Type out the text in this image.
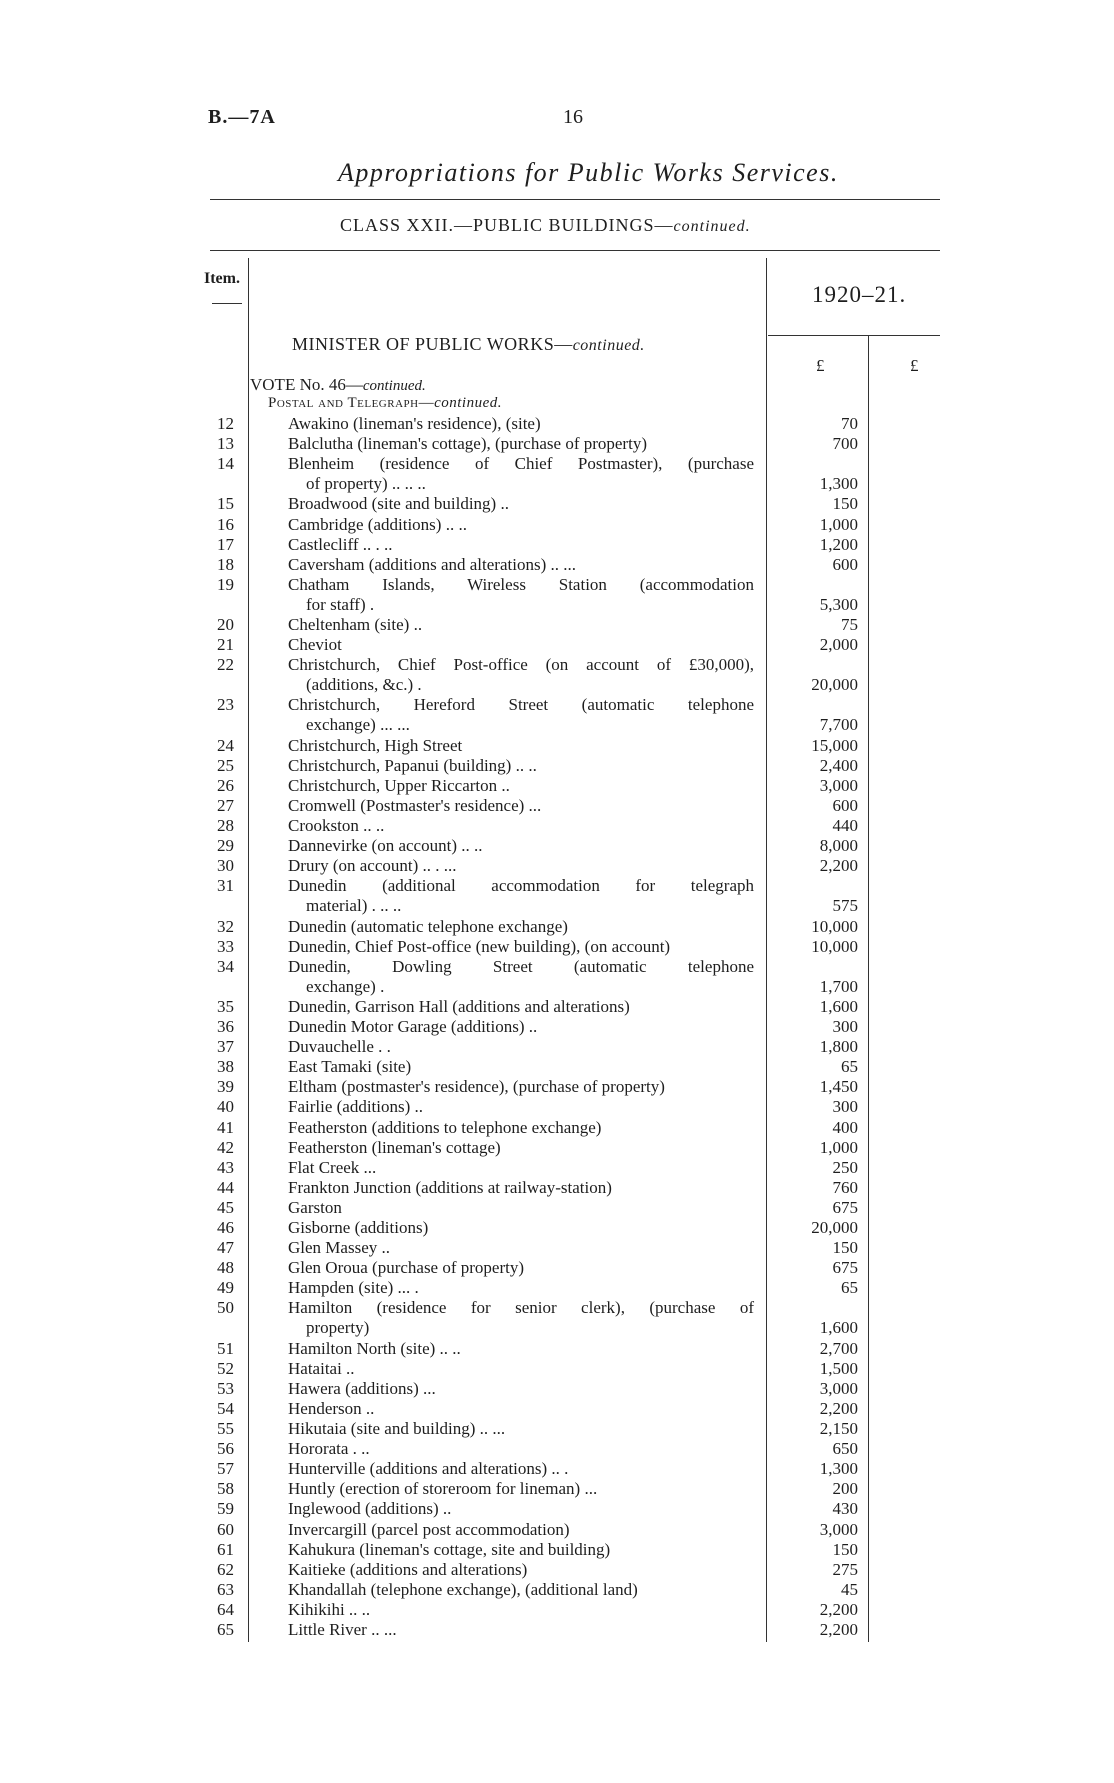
B.—7A	16
Appropriations for Public Works Services.
CLASS XXII.—PUBLIC BUILDINGS—continued.
Item.
1920–21.
MINISTER OF PUBLIC WORKS—continued.
£	£
VOTE No. 46—continued.
Postal and Telegraph—continued.
12	Awakino (lineman's residence), (site)	70
13	Balclutha (lineman's cottage), (purchase of property)	700
14	Blenheim (residence of Chief Postmaster), (purchase
of property) .. .. ..	1,300
15	Broadwood (site and building) ..	150
16	Cambridge (additions) .. ..	1,000
17	Castlecliff .. . ..	1,200
18	Caversham (additions and alterations) .. ...	600
19	Chatham Islands, Wireless Station (accommodation
for staff) .	5,300
20	Cheltenham (site) ..	75
21	Cheviot	2,000
22	Christchurch, Chief Post-office (on account of £30,000),
(additions, &c.) .	20,000
23	Christchurch, Hereford Street (automatic telephone
exchange) ... ...	7,700
24	Christchurch, High Street	15,000
25	Christchurch, Papanui (building) .. ..	2,400
26	Christchurch, Upper Riccarton ..	3,000
27	Cromwell (Postmaster's residence) ...	600
28	Crookston .. ..	440
29	Dannevirke (on account) .. ..	8,000
30	Drury (on account) .. . ...	2,200
31	Dunedin (additional accommodation for telegraph
material) . .. ..	575
32	Dunedin (automatic telephone exchange)	10,000
33	Dunedin, Chief Post-office (new building), (on account)	10,000
34	Dunedin, Dowling Street (automatic telephone
exchange) .	1,700
35	Dunedin, Garrison Hall (additions and alterations)	1,600
36	Dunedin Motor Garage (additions) ..	300
37	Duvauchelle . .	1,800
38	East Tamaki (site)	65
39	Eltham (postmaster's residence), (purchase of property)	1,450
40	Fairlie (additions) ..	300
41	Featherston (additions to telephone exchange)	400
42	Featherston (lineman's cottage)	1,000
43	Flat Creek ...	250
44	Frankton Junction (additions at railway-station)	760
45	Garston	675
46	Gisborne (additions)	20,000
47	Glen Massey ..	150
48	Glen Oroua (purchase of property)	675
49	Hampden (site) ... .	65
50	Hamilton (residence for senior clerk), (purchase of
property)	1,600
51	Hamilton North (site) .. ..	2,700
52	Hataitai ..	1,500
53	Hawera (additions) ...	3,000
54	Henderson ..	2,200
55	Hikutaia (site and building) .. ...	2,150
56	Hororata . ..	650
57	Hunterville (additions and alterations) .. .	1,300
58	Huntly (erection of storeroom for lineman) ...	200
59	Inglewood (additions) ..	430
60	Invercargill (parcel post accommodation)	3,000
61	Kahukura (lineman's cottage, site and building)	150
62	Kaitieke (additions and alterations)	275
63	Khandallah (telephone exchange), (additional land)	45
64	Kihikihi .. ..	2,200
65	Little River .. ...	2,200
